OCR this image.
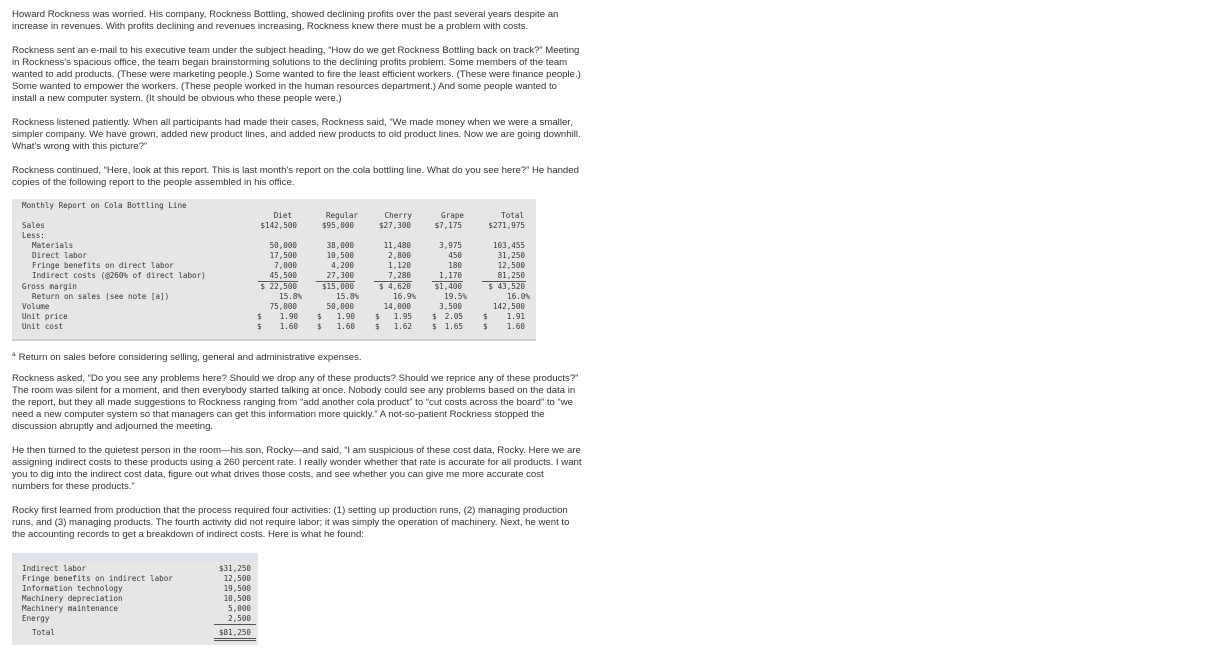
Howard Rockness was worried. His company, Rockness Bottling, showed declining profits over the past several years despite an
increase in revenues. With profits declining and revenues increasing, Rockness knew there must be a problem with costs.

Rockness sent an e-mail to his executive team under the subject heading, “How do we get Rockness Bottling back on track?” Meeting
in Rockness's spacious office, the team began brainstorming solutions to the declining profits problem. Some members of the team
wanted to add products. (These were marketing people.) Some wanted to fire the least efficient workers. (These were finance people.)
Some wanted to empower the workers. (These people worked in the human resources department.) And some people wanted to
install a new computer system. (It should be obvious who these people were.)

Rockness listened patiently. When all participants had made their cases, Rockness said, “We made money when we were a smaller,
simpler company. We have grown, added new product lines, and added new products to old product lines. Now we are going downhill.
What's wrong with this picture?”

Rockness continued, “Here, look at this report. This is last month's report on the cola bottling line. What do you see here?” He handed
copies of the following report to the people assembled in his office.

Monthly Report on Cola Bottling Line
Diet	Regular	Cherry	Grape	Total
Sales	$142,500	$95,000	$27,300	$7,175	$271,975
Less:
Materials	50,000	38,000	11,480	3,975	103,455
Direct labor	17,500	10,500	2,800	450	31,250
Fringe benefits on direct labor	7,000	4,200	1,120	180	12,500
Indirect costs (@260% of direct labor)	45,500	27,300	7,280	1,170	81,250
Gross margin	$ 22,500	$15,000	$ 4,620	$1,400	$ 43,520
Return on sales (see note [a])	15.8%	15.8%	16.9%	19.5%	16.0%
Volume	75,000	50,000	14,000	3,500	142,500
Unit price	$	1.90	$	1.90	$	1.95	$	2.05	$	1.91
Unit cost	$	1.60	$	1.60	$	1.62	$	1.65	$	1.60

$^a$ Return on sales before considering selling, general and administrative expenses.

Rockness asked, “Do you see any problems here? Should we drop any of these products? Should we reprice any of these products?”
The room was silent for a moment, and then everybody started talking at once. Nobody could see any problems based on the data in
the report, but they all made suggestions to Rockness ranging from “add another cola product” to “cut costs across the board” to “we
need a new computer system so that managers can get this information more quickly.” A not-so-patient Rockness stopped the
discussion abruptly and adjourned the meeting.

He then turned to the quietest person in the room—his son, Rocky—and said, “I am suspicious of these cost data, Rocky. Here we are
assigning indirect costs to these products using a 260 percent rate. I really wonder whether that rate is accurate for all products. I want
you to dig into the indirect cost data, figure out what drives those costs, and see whether you can give me more accurate cost
numbers for these products.”

Rocky first learned from production that the process required four activities: (1) setting up production runs, (2) managing production
runs, and (3) managing products. The fourth activity did not require labor; it was simply the operation of machinery. Next, he went to
the accounting records to get a breakdown of indirect costs. Here is what he found:

Indirect labor	$31,250
Fringe benefits on indirect labor	12,500
Information technology	19,500
Machinery depreciation	10,500
Machinery maintenance	5,000
Energy	2,500
Total	$81,250
